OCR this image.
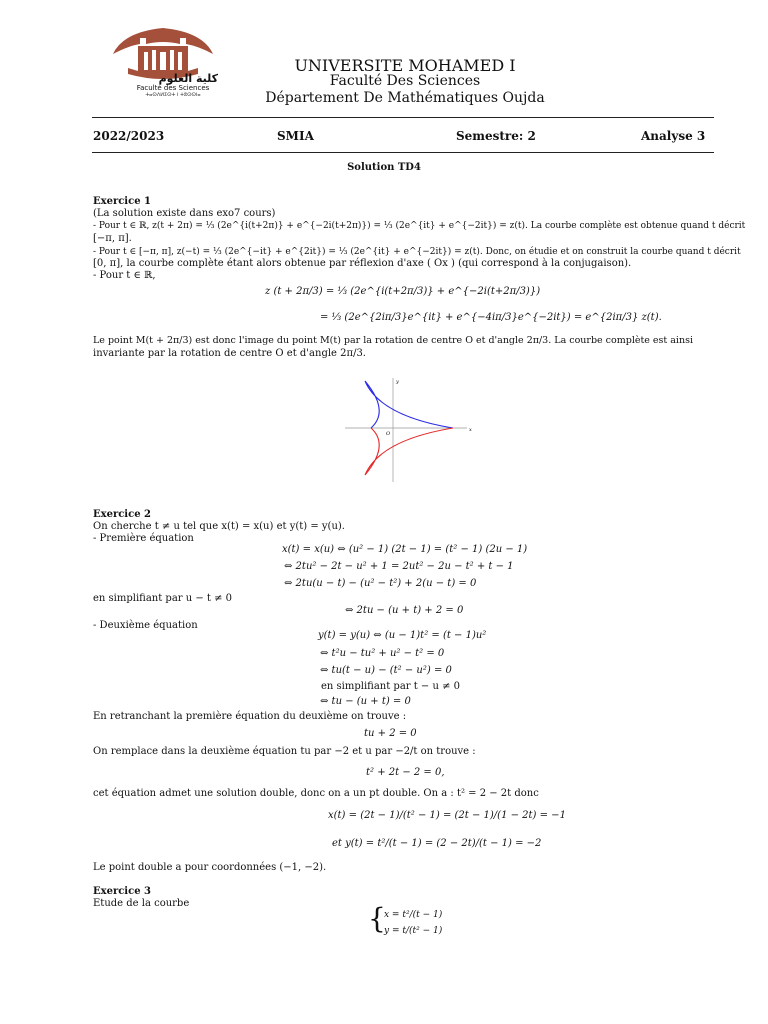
كلية العلوم
Faculté des Sciences
ⵜⴰⵙⴷⵍⵉⵙⵜ ⵏ ⵜⵓⵙⵙⵏⴰ
UNIVERSITE MOHAMED I
Faculté Des Sciences
Département De Mathématiques Oujda
2022/2023	SMIA	Semestre: 2	Analyse 3
Solution TD4
Exercice 1
(La solution existe dans exo7 cours)
- Pour t ∈ ℝ, z(t + 2π) = ⅓ (2e^{i(t+2π)} + e^{−2i(t+2π)}) = ⅓ (2e^{it} + e^{−2it}) = z(t). La courbe complète est obtenue quand t décrit
[−π, π].
- Pour t ∈ [−π, π], z(−t) = ⅓ (2e^{−it} + e^{2it}) = ⅓ (2e^{it} + e^{−2it}) = z(t). Donc, on étudie et on construit la courbe quand t décrit
[0, π], la courbe complète étant alors obtenue par réflexion d'axe ( Ox ) (qui correspond à la conjugaison).
- Pour t ∈ ℝ,
z (t + 2π/3) = ⅓ (2e^{i(t+2π/3)} + e^{−2i(t+2π/3)})
= ⅓ (2e^{2iπ/3}e^{it} + e^{−4iπ/3}e^{−2it}) = e^{2iπ/3} z(t).
Le point M(t + 2π/3) est donc l'image du point M(t) par la rotation de centre O et d'angle 2π/3. La courbe complète est ainsi
invariante par la rotation de centre O et d'angle 2π/3.
x
y
O
Exercice 2
On cherche t ≠ u tel que x(t) = x(u) et y(t) = y(u).
- Première équation
x(t) = x(u) ⇔ (u² − 1) (2t − 1) = (t² − 1) (2u − 1)
⇔ 2tu² − 2t − u² + 1 = 2ut² − 2u − t² + t − 1
⇔ 2tu(u − t) − (u² − t²) + 2(u − t) = 0
en simplifiant par u − t ≠ 0
⇔ 2tu − (u + t) + 2 = 0
- Deuxième équation
y(t) = y(u) ⇔ (u − 1)t² = (t − 1)u²
⇔ t²u − tu² + u² − t² = 0
⇔ tu(t − u) − (t² − u²) = 0
en simplifiant par t − u ≠ 0
⇔ tu − (u + t) = 0
En retranchant la première équation du deuxième on trouve :
tu + 2 = 0
On remplace dans la deuxième équation tu par −2 et u par −2/t on trouve :
t² + 2t − 2 = 0,
cet équation admet une solution double, donc on a un pt double. On a : t² = 2 − 2t donc
x(t) = (2t − 1)/(t² − 1) = (2t − 1)/(1 − 2t) = −1
et y(t) = t²/(t − 1) = (2 − 2t)/(t − 1) = −2
Le point double a pour coordonnées (−1, −2).
Exercice 3
Etude de la courbe	{
x = t²/(t − 1)
y = t/(t² − 1)
